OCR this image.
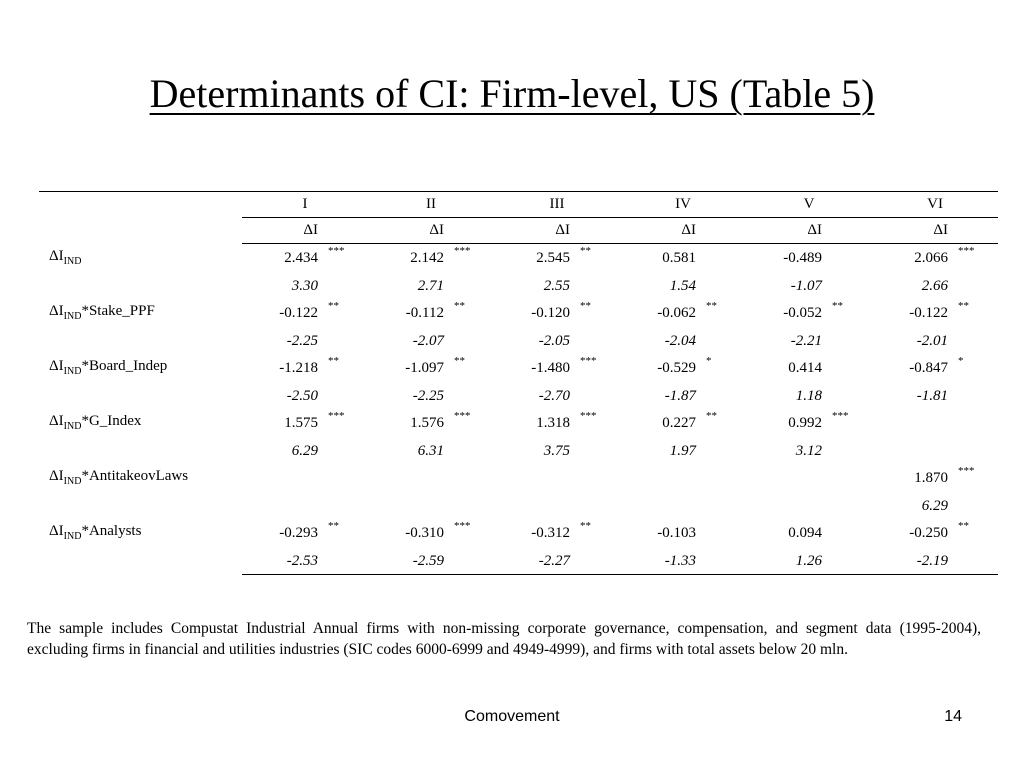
Determinants of CI: Firm-level, US (Table 5)
	I		II		III		IV		V		VI	
	ΔI		ΔI		ΔI		ΔI		ΔI		ΔI	
$\Delta I_{IND}$	2.434	***	2.142	***	2.545	**	0.581		-0.489		2.066	***
	3.30		2.71		2.55		1.54		-1.07		2.66	
$\Delta I_{IND}*Stake\_PPF$	-0.122	**	-0.112	**	-0.120	**	-0.062	**	-0.052	**	-0.122	**
	-2.25		-2.07		-2.05		-2.04		-2.21		-2.01	
$\Delta I_{IND}*Board\_Indep$	-1.218	**	-1.097	**	-1.480	***	-0.529	*	0.414		-0.847	*
	-2.50		-2.25		-2.70		-1.87		1.18		-1.81	
$\Delta I_{IND}*G\_Index$	1.575	***	1.576	***	1.318	***	0.227	**	0.992	***		
	6.29		6.31		3.75		1.97		3.12			
$\Delta I_{IND}*AntitakeovLaws$											1.870	***
											6.29	
$\Delta I_{IND}*Analysts$	-0.293	**	-0.310	***	-0.312	**	-0.103		0.094		-0.250	**
	-2.53		-2.59		-2.27		-1.33		1.26		-2.19	
The sample includes Compustat Industrial Annual firms with non-missing corporate governance, compensation, and segment data (1995-2004), excluding firms in financial and utilities industries (SIC codes 6000-6999 and 4949-4999), and firms with total assets below 20 mln.
Comovement	14
